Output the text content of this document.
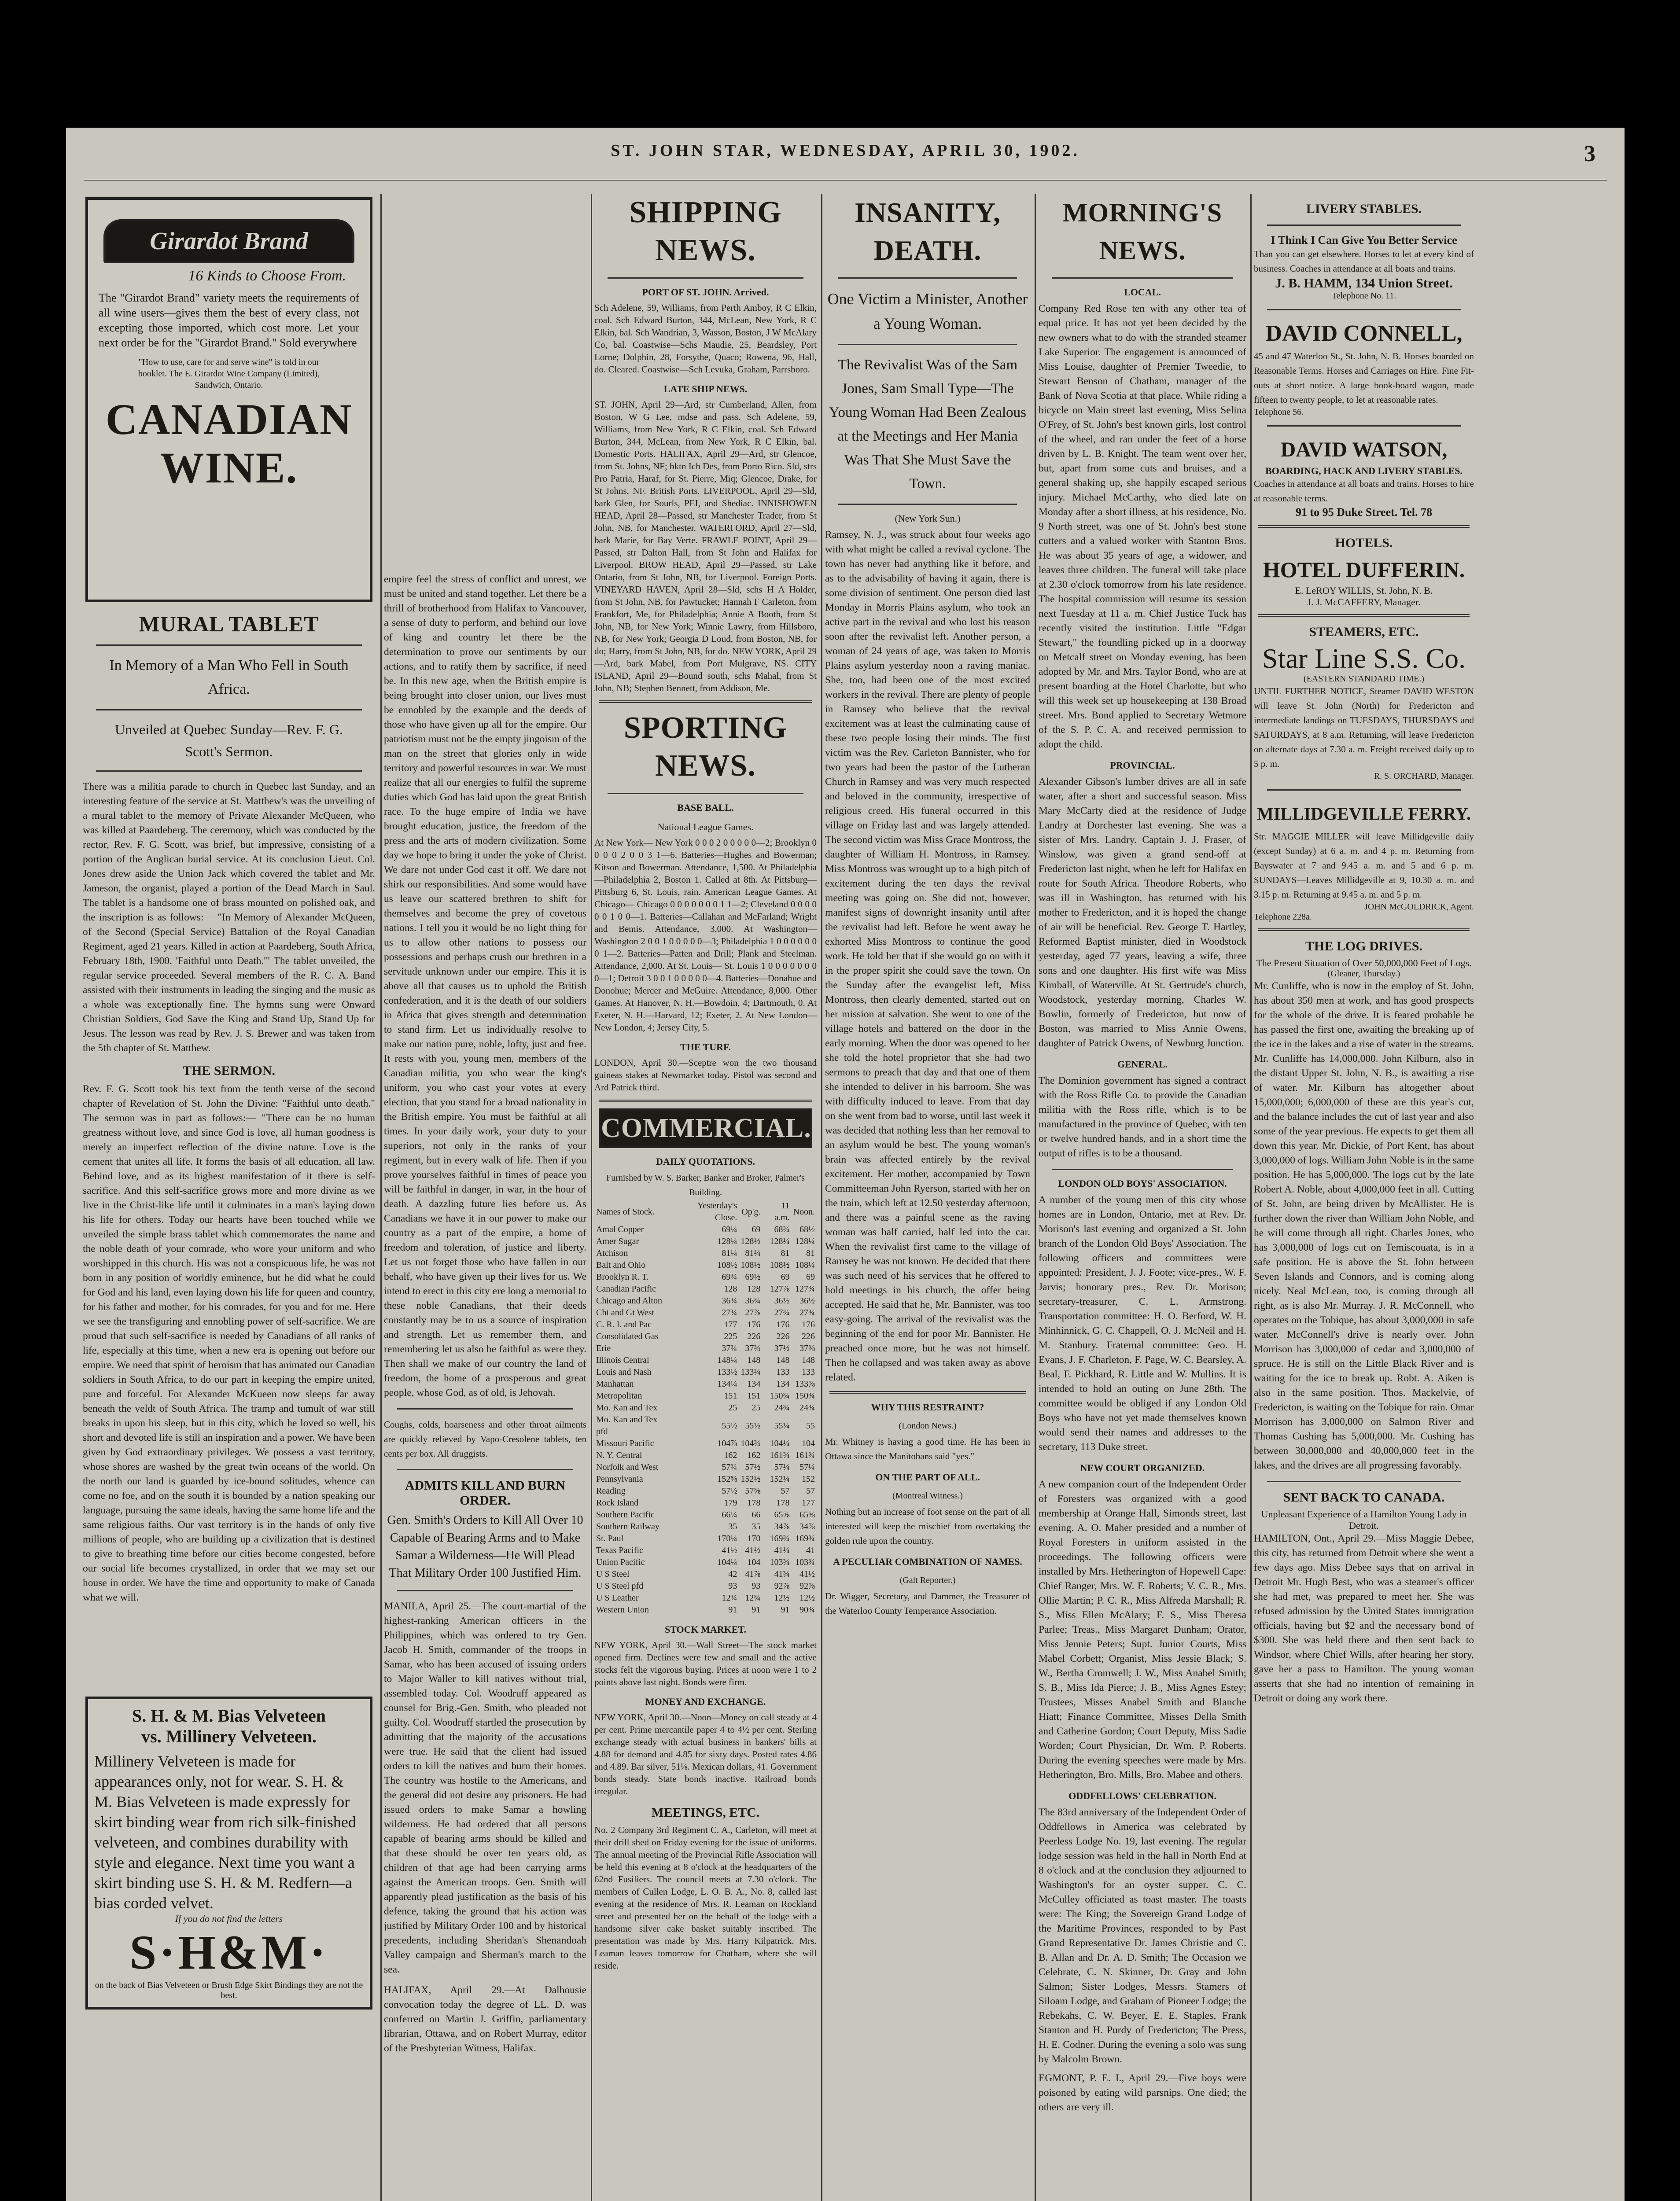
ST. JOHN STAR, WEDNESDAY, APRIL 30, 1902.	3
Girardot Brand
16 Kinds to Choose From.
The "Girardot Brand" variety meets the requirements of all wine users—gives them the best of every class, not excepting those imported, which cost more. Let your next order be for the "Girardot Brand." Sold everywhere
"How to use, care for and serve wine" is told in our booklet. The E. Girardot Wine Company (Limited), Sandwich, Ontario.
CANADIAN WINE.
MURAL TABLET
In Memory of a Man Who Fell in South Africa.
Unveiled at Quebec Sunday—Rev. F. G. Scott's Sermon.
There was a militia parade to church in Quebec last Sunday, and an interesting feature of the service at St. Matthew's was the unveiling of a mural tablet to the memory of Private Alexander McQueen, who was killed at Paardeberg. The ceremony, which was conducted by the rector, Rev. F. G. Scott, was brief, but impressive, consisting of a portion of the Anglican burial service. At its conclusion Lieut. Col. Jones drew aside the Union Jack which covered the tablet and Mr. Jameson, the organist, played a portion of the Dead March in Saul. The tablet is a handsome one of brass mounted on polished oak, and the inscription is as follows:— "In Memory of Alexander McQueen, of the Second (Special Service) Battalion of the Royal Canadian Regiment, aged 21 years. Killed in action at Paardeberg, South Africa, February 18th, 1900. 'Faithful unto Death.'" The tablet unveiled, the regular service proceeded. Several members of the R. C. A. Band assisted with their instruments in leading the singing and the music as a whole was exceptionally fine. The hymns sung were Onward Christian Soldiers, God Save the King and Stand Up, Stand Up for Jesus. The lesson was read by Rev. J. S. Brewer and was taken from the 5th chapter of St. Matthew.
THE SERMON.
Rev. F. G. Scott took his text from the tenth verse of the second chapter of Revelation of St. John the Divine: "Faithful unto death." The sermon was in part as follows:— "There can be no human greatness without love, and since God is love, all human goodness is merely an imperfect reflection of the divine nature. Love is the cement that unites all life. It forms the basis of all education, all law. Behind love, and as its highest manifestation of it there is self-sacrifice. And this self-sacrifice grows more and more divine as we live in the Christ-like life until it culminates in a man's laying down his life for others. Today our hearts have been touched while we unveiled the simple brass tablet which commemorates the name and the noble death of your comrade, who wore your uniform and who worshipped in this church. His was not a conspicuous life, he was not born in any position of worldly eminence, but he did what he could for God and his land, even laying down his life for queen and country, for his father and mother, for his comrades, for you and for me. Here we see the transfiguring and ennobling power of self-sacrifice. We are proud that such self-sacrifice is needed by Canadians of all ranks of life, especially at this time, when a new era is opening out before our empire. We need that spirit of heroism that has animated our Canadian soldiers in South Africa, to do our part in keeping the empire united, pure and forceful. For Alexander McKueen now sleeps far away beneath the veldt of South Africa. The tramp and tumult of war still breaks in upon his sleep, but in this city, which he loved so well, his short and devoted life is still an inspiration and a power. We have been given by God extraordinary privileges. We possess a vast territory, whose shores are washed by the great twin oceans of the world. On the north our land is guarded by ice-bound solitudes, whence can come no foe, and on the south it is bounded by a nation speaking our language, pursuing the same ideals, having the same home life and the same religious faiths. Our vast territory is in the hands of only five millions of people, who are building up a civilization that is destined to give to breathing time before our cities become congested, before our social life becomes crystallized, in order that we may set our house in order. We have the time and opportunity to make of Canada what we will.
S. H. & M. Bias Velveteen
vs. Millinery Velveteen.
Millinery Velveteen is made for appearances only, not for wear. S. H. & M. Bias Velveteen is made expressly for skirt binding wear from rich silk-finished velveteen, and combines durability with style and elegance. Next time you want a skirt binding use S. H. & M. Redfern—a bias corded velvet.
If you do not find the letters
S·H&M·
on the back of Bias Velveteen or Brush Edge Skirt Bindings they are not the best.
empire feel the stress of conflict and unrest, we must be united and stand together. Let there be a thrill of brotherhood from Halifax to Vancouver, a sense of duty to perform, and behind our love of king and country let there be the determination to prove our sentiments by our actions, and to ratify them by sacrifice, if need be. In this new age, when the British empire is being brought into closer union, our lives must be ennobled by the example and the deeds of those who have given up all for the empire. Our patriotism must not be the empty jingoism of the man on the street that glories only in wide territory and powerful resources in war. We must realize that all our energies to fulfil the supreme duties which God has laid upon the great British race. To the huge empire of India we have brought education, justice, the freedom of the press and the arts of modern civilization. Some day we hope to bring it under the yoke of Christ. We dare not under God cast it off. We dare not shirk our responsibilities. And some would have us leave our scattered brethren to shift for themselves and become the prey of covetous nations. I tell you it would be no light thing for us to allow other nations to possess our possessions and perhaps crush our brethren in a servitude unknown under our empire. This it is above all that causes us to uphold the British confederation, and it is the death of our soldiers in Africa that gives strength and determination to stand firm. Let us individually resolve to make our nation pure, noble, lofty, just and free. It rests with you, young men, members of the Canadian militia, you who wear the king's uniform, you who cast your votes at every election, that you stand for a broad nationality in the British empire. You must be faithful at all times. In your daily work, your duty to your superiors, not only in the ranks of your regiment, but in every walk of life. Then if you prove yourselves faithful in times of peace you will be faithful in danger, in war, in the hour of death. A dazzling future lies before us. As Canadians we have it in our power to make our country as a part of the empire, a home of freedom and toleration, of justice and liberty. Let us not forget those who have fallen in our behalf, who have given up their lives for us. We intend to erect in this city ere long a memorial to these noble Canadians, that their deeds constantly may be to us a source of inspiration and strength. Let us remember them, and remembering let us also be faithful as were they. Then shall we make of our country the land of freedom, the home of a prosperous and great people, whose God, as of old, is Jehovah.
Coughs, colds, hoarseness and other throat ailments are quickly relieved by Vapo-Cresolene tablets, ten cents per box. All druggists.
ADMITS KILL AND BURN ORDER.
Gen. Smith's Orders to Kill All Over 10 Capable of Bearing Arms and to Make Samar a Wilderness—He Will Plead That Military Order 100 Justified Him.
MANILA, April 25.—The court-martial of the highest-ranking American officers in the Philippines, which was ordered to try Gen. Jacob H. Smith, commander of the troops in Samar, who has been accused of issuing orders to Major Waller to kill natives without trial, assembled today. Col. Woodruff appeared as counsel for Brig.-Gen. Smith, who pleaded not guilty. Col. Woodruff startled the prosecution by admitting that the majority of the accusations were true. He said that the client had issued orders to kill the natives and burn their homes. The country was hostile to the Americans, and the general did not desire any prisoners. He had issued orders to make Samar a howling wilderness. He had ordered that all persons capable of bearing arms should be killed and that these should be over ten years old, as children of that age had been carrying arms against the American troops. Gen. Smith will apparently plead justification as the basis of his defence, taking the ground that his action was justified by Military Order 100 and by historical precedents, including Sheridan's Shenandoah Valley campaign and Sherman's march to the sea.
HALIFAX, April 29.—At Dalhousie convocation today the degree of LL. D. was conferred on Martin J. Griffin, parliamentary librarian, Ottawa, and on Robert Murray, editor of the Presbyterian Witness, Halifax.
SHIPPING NEWS.
PORT OF ST. JOHN. Arrived.
Sch Adelene, 59, Williams, from Perth Amboy, R C Elkin, coal. Sch Edward Burton, 344, McLean, New York, R C Elkin, bal. Sch Wandrian, 3, Wasson, Boston, J W McAlary Co, bal. Coastwise—Schs Maudie, 25, Beardsley, Port Lorne; Dolphin, 28, Forsythe, Quaco; Rowena, 96, Hall, do. Cleared. Coastwise—Sch Levuka, Graham, Parrsboro.
LATE SHIP NEWS.
ST. JOHN, April 29—Ard, str Cumberland, Allen, from Boston, W G Lee, mdse and pass. Sch Adelene, 59, Williams, from New York, R C Elkin, coal. Sch Edward Burton, 344, McLean, from New York, R C Elkin, bal. Domestic Ports. HALIFAX, April 29—Ard, str Glencoe, from St. Johns, NF; bktn Ich Des, from Porto Rico. Sld, strs Pro Patria, Haraf, for St. Pierre, Miq; Glencoe, Drake, for St Johns, NF. British Ports. LIVERPOOL, April 29—Sld, bark Glen, for Sourls, PEI, and Shediac. INNISHOWEN HEAD, April 28—Passed, str Manchester Trader, from St John, NB, for Manchester. WATERFORD, April 27—Sld, bark Marie, for Bay Verte. FRAWLE POINT, April 29—Passed, str Dalton Hall, from St John and Halifax for Liverpool. BROW HEAD, April 29—Passed, str Lake Ontario, from St John, NB, for Liverpool. Foreign Ports. VINEYARD HAVEN, April 28—Sld, schs H A Holder, from St John, NB, for Pawtucket; Hannah F Carleton, from Frankfort, Me, for Philadelphia; Annie A Booth, from St John, NB, for New York; Winnie Lawry, from Hillsboro, NB, for New York; Georgia D Loud, from Boston, NB, for do; Harry, from St John, NB, for do. NEW YORK, April 29—Ard, bark Mabel, from Port Mulgrave, NS. CITY ISLAND, April 29—Bound south, schs Mahal, from St John, NB; Stephen Bennett, from Addison, Me.
SPORTING NEWS.
BASE BALL.
National League Games.
At New York— New York 0 0 0 2 0 0 0 0 0—2; Brooklyn 0 0 0 0 2 0 0 3 1—6. Batteries—Hughes and Bowerman; Kitson and Bowerman. Attendance, 1,500. At Philadelphia—Philadelphia 2, Boston 1. Called at 8th. At Pittsburg—Pittsburg 6, St. Louis, rain. American League Games. At Chicago— Chicago 0 0 0 0 0 0 0 1 1—2; Cleveland 0 0 0 0 0 0 1 0 0—1. Batteries—Callahan and McFarland; Wright and Bemis. Attendance, 3,000. At Washington— Washington 2 0 0 1 0 0 0 0 0—3; Philadelphia 1 0 0 0 0 0 0 0 1—2. Batteries—Patten and Drill; Plank and Steelman. Attendance, 2,000. At St. Louis— St. Louis 1 0 0 0 0 0 0 0 0—1; Detroit 3 0 0 1 0 0 0 0 0—4. Batteries—Donahue and Donohue; Mercer and McGuire. Attendance, 8,000. Other Games. At Hanover, N. H.—Bowdoin, 4; Dartmouth, 0. At Exeter, N. H.—Harvard, 12; Exeter, 2. At New London—New London, 4; Jersey City, 5.
THE TURF.
LONDON, April 30.—Sceptre won the two thousand guineas stakes at Newmarket today. Pistol was second and Ard Patrick third.
COMMERCIAL.
DAILY QUOTATIONS.
Furnished by W. S. Barker, Banker and Broker, Palmer's Building.
Names of Stock.	Yesterday's Close.	Op'g.	11 a.m.	Noon.
Amal Copper	69¼	69	68¾	68½
Amer Sugar	128¼	128½	128¼	128¼
Atchison	81¼	81¼	81	81
Balt and Ohio	108½	108½	108½	108¼
Brooklyn R. T.	69¾	69½	69	69
Canadian Pacific	128	128	127⅞	127¾
Chicago and Alton	36¾	36¾	36½	36½
Chi and Gt West	27¾	27⅞	27¾	27¾
C. R. I. and Pac	177	176	176	176
Consolidated Gas	225	226	226	226
Erie	37¾	37¾	37½	37⅜
Illinois Central	148¼	148	148	148
Louis and Nash	133½	133¼	133	133
Manhattan	134¼	134	134	133⅞
Metropolitan	151	151	150¾	150¾
Mo. Kan and Tex	25	25	24¾	24¾
Mo. Kan and Tex pfd	55½	55½	55¼	55
Missouri Pacific	104⅞	104¾	104¼	104
N. Y. Central	162	162	161¾	161¾
Norfolk and West	57¾	57½	57¼	57¼
Pennsylvania	152⅝	152½	152¼	152
Reading	57½	57⅜	57	57
Rock Island	179	178	178	177
Southern Pacific	66¼	66	65⅝	65⅝
Southern Railway	35	35	34⅞	34⅞
St. Paul	170¼	170	169¾	169¾
Texas Pacific	41½	41½	41¼	41
Union Pacific	104¼	104	103¾	103¾
U S Steel	42	41⅞	41¾	41½
U S Steel pfd	93	93	92⅞	92⅞
U S Leather	12¾	12¾	12½	12½
Western Union	91	91	91	90¾
STOCK MARKET.
NEW YORK, April 30.—Wall Street—The stock market opened firm. Declines were few and small and the active stocks felt the vigorous buying. Prices at noon were 1 to 2 points above last night. Bonds were firm.
MONEY AND EXCHANGE.
NEW YORK, April 30.—Noon—Money on call steady at 4 per cent. Prime mercantile paper 4 to 4½ per cent. Sterling exchange steady with actual business in bankers' bills at 4.88 for demand and 4.85 for sixty days. Posted rates 4.86 and 4.89. Bar silver, 51⅛. Mexican dollars, 41. Government bonds steady. State bonds inactive. Railroad bonds irregular.
MEETINGS, ETC.
No. 2 Company 3rd Regiment C. A., Carleton, will meet at their drill shed on Friday evening for the issue of uniforms. The annual meeting of the Provincial Rifle Association will be held this evening at 8 o'clock at the headquarters of the 62nd Fusiliers. The council meets at 7.30 o'clock. The members of Cullen Lodge, L. O. B. A., No. 8, called last evening at the residence of Mrs. R. Leaman on Rockland street and presented her on the behalf of the lodge with a handsome silver cake basket suitably inscribed. The presentation was made by Mrs. Harry Kilpatrick. Mrs. Leaman leaves tomorrow for Chatham, where she will reside.
INSANITY, DEATH.
One Victim a Minister, Another a Young Woman.
The Revivalist Was of the Sam Jones, Sam Small Type—The Young Woman Had Been Zealous at the Meetings and Her Mania Was That She Must Save the Town.
(New York Sun.)
Ramsey, N. J., was struck about four weeks ago with what might be called a revival cyclone. The town has never had anything like it before, and as to the advisability of having it again, there is some division of sentiment. One person died last Monday in Morris Plains asylum, who took an active part in the revival and who lost his reason soon after the revivalist left. Another person, a woman of 24 years of age, was taken to Morris Plains asylum yesterday noon a raving maniac. She, too, had been one of the most excited workers in the revival. There are plenty of people in Ramsey who believe that the revival excitement was at least the culminating cause of these two people losing their minds. The first victim was the Rev. Carleton Bannister, who for two years had been the pastor of the Lutheran Church in Ramsey and was very much respected and beloved in the community, irrespective of religious creed. His funeral occurred in this village on Friday last and was largely attended. The second victim was Miss Grace Montross, the daughter of William H. Montross, in Ramsey. Miss Montross was wrought up to a high pitch of excitement during the ten days the revival meeting was going on. She did not, however, manifest signs of downright insanity until after the revivalist had left. Before he went away he exhorted Miss Montross to continue the good work. He told her that if she would go on with it in the proper spirit she could save the town. On the Sunday after the evangelist left, Miss Montross, then clearly demented, started out on her mission at salvation. She went to one of the village hotels and battered on the door in the early morning. When the door was opened to her she told the hotel proprietor that she had two sermons to preach that day and that one of them she intended to deliver in his barroom. She was with difficulty induced to leave. From that day on she went from bad to worse, until last week it was decided that nothing less than her removal to an asylum would be best. The young woman's brain was affected entirely by the revival excitement. Her mother, accompanied by Town Committeeman John Ryerson, started with her on the train, which left at 12.50 yesterday afternoon, and there was a painful scene as the raving woman was half carried, half led into the car. When the revivalist first came to the village of Ramsey he was not known. He decided that there was such need of his services that he offered to hold meetings in his church, the offer being accepted. He said that he, Mr. Bannister, was too easy-going. The arrival of the revivalist was the beginning of the end for poor Mr. Bannister. He preached once more, but he was not himself. Then he collapsed and was taken away as above related.
WHY THIS RESTRAINT?
(London News.)
Mr. Whitney is having a good time. He has been in Ottawa since the Manitobans said "yes."
ON THE PART OF ALL.
(Montreal Witness.)
Nothing but an increase of foot sense on the part of all interested will keep the mischief from overtaking the golden rule upon the country.
A PECULIAR COMBINATION OF NAMES.
(Galt Reporter.)
Dr. Wigger, Secretary, and Dammer, the Treasurer of the Waterloo County Temperance Association.
MORNING'S NEWS.
LOCAL.
Company Red Rose ten with any other tea of equal price. It has not yet been decided by the new owners what to do with the stranded steamer Lake Superior. The engagement is announced of Miss Louise, daughter of Premier Tweedie, to Stewart Benson of Chatham, manager of the Bank of Nova Scotia at that place. While riding a bicycle on Main street last evening, Miss Selina O'Frey, of St. John's best known girls, lost control of the wheel, and ran under the feet of a horse driven by L. B. Knight. The team went over her, but, apart from some cuts and bruises, and a general shaking up, she happily escaped serious injury. Michael McCarthy, who died late on Monday after a short illness, at his residence, No. 9 North street, was one of St. John's best stone cutters and a valued worker with Stanton Bros. He was about 35 years of age, a widower, and leaves three children. The funeral will take place at 2.30 o'clock tomorrow from his late residence. The hospital commission will resume its session next Tuesday at 11 a. m. Chief Justice Tuck has recently visited the institution. Little "Edgar Stewart," the foundling picked up in a doorway on Metcalf street on Monday evening, has been adopted by Mr. and Mrs. Taylor Bond, who are at present boarding at the Hotel Charlotte, but who will this week set up housekeeping at 138 Broad street. Mrs. Bond applied to Secretary Wetmore of the S. P. C. A. and received permission to adopt the child.
PROVINCIAL.
Alexander Gibson's lumber drives are all in safe water, after a short and successful season. Miss Mary McCarty died at the residence of Judge Landry at Dorchester last evening. She was a sister of Mrs. Landry. Captain J. J. Fraser, of Winslow, was given a grand send-off at Fredericton last night, when he left for Halifax en route for South Africa. Theodore Roberts, who was ill in Washington, has returned with his mother to Fredericton, and it is hoped the change of air will be beneficial. Rev. George T. Hartley, Reformed Baptist minister, died in Woodstock yesterday, aged 77 years, leaving a wife, three sons and one daughter. His first wife was Miss Kimball, of Waterville. At St. Gertrude's church, Woodstock, yesterday morning, Charles W. Bowlin, formerly of Fredericton, but now of Boston, was married to Miss Annie Owens, daughter of Patrick Owens, of Newburg Junction.
GENERAL.
The Dominion government has signed a contract with the Ross Rifle Co. to provide the Canadian militia with the Ross rifle, which is to be manufactured in the province of Quebec, with ten or twelve hundred hands, and in a short time the output of rifles is to be a thousand.
LONDON OLD BOYS' ASSOCIATION.
A number of the young men of this city whose homes are in London, Ontario, met at Rev. Dr. Morison's last evening and organized a St. John branch of the London Old Boys' Association. The following officers and committees were appointed: President, J. J. Foote; vice-pres., W. F. Jarvis; honorary pres., Rev. Dr. Morison; secretary-treasurer, C. L. Armstrong. Transportation committee: H. O. Berford, W. H. Minhinnick, G. C. Chappell, O. J. McNeil and H. M. Stanbury. Fraternal committee: Geo. H. Evans, J. F. Charleton, F. Page, W. C. Bearsley, A. Beal, F. Pickhard, R. Little and W. Mullins. It is intended to hold an outing on June 28th. The committee would be obliged if any London Old Boys who have not yet made themselves known would send their names and addresses to the secretary, 113 Duke street.
NEW COURT ORGANIZED.
A new companion court of the Independent Order of Foresters was organized with a good membership at Orange Hall, Simonds street, last evening. A. O. Maher presided and a number of Royal Foresters in uniform assisted in the proceedings. The following officers were installed by Mrs. Hetherington of Hopewell Cape: Chief Ranger, Mrs. W. F. Roberts; V. C. R., Mrs. Ollie Martin; P. C. R., Miss Alfreda Marshall; R. S., Miss Ellen McAlary; F. S., Miss Theresa Parlee; Treas., Miss Margaret Dunham; Orator, Miss Jennie Peters; Supt. Junior Courts, Miss Mabel Corbett; Organist, Miss Jessie Black; S. W., Bertha Cromwell; J. W., Miss Anabel Smith; S. B., Miss Ida Pierce; J. B., Miss Agnes Estey; Trustees, Misses Anabel Smith and Blanche Hiatt; Finance Committee, Misses Della Smith and Catherine Gordon; Court Deputy, Miss Sadie Worden; Court Physician, Dr. Wm. P. Roberts. During the evening speeches were made by Mrs. Hetherington, Bro. Mills, Bro. Mabee and others.
ODDFELLOWS' CELEBRATION.
The 83rd anniversary of the Independent Order of Oddfellows in America was celebrated by Peerless Lodge No. 19, last evening. The regular lodge session was held in the hall in North End at 8 o'clock and at the conclusion they adjourned to Washington's for an oyster supper. C. C. McCulley officiated as toast master. The toasts were: The King; the Sovereign Grand Lodge of the Maritime Provinces, responded to by Past Grand Representative Dr. James Christie and C. B. Allan and Dr. A. D. Smith; The Occasion we Celebrate, C. N. Skinner, Dr. Gray and John Salmon; Sister Lodges, Messrs. Stamers of Siloam Lodge, and Graham of Pioneer Lodge; the Rebekahs, C. W. Beyer, E. E. Staples, Frank Stanton and H. Purdy of Fredericton; The Press, H. E. Codner. During the evening a solo was sung by Malcolm Brown.
EGMONT, P. E. I., April 29.—Five boys were poisoned by eating wild parsnips. One died; the others are very ill.
LIVERY STABLES.
I Think I Can Give You Better Service
Than you can get elsewhere. Horses to let at every kind of business. Coaches in attendance at all boats and trains.
J. B. HAMM, 134 Union Street.
Telephone No. 11.
DAVID CONNELL,
45 and 47 Waterloo St., St. John, N. B. Horses boarded on Reasonable Terms. Horses and Carriages on Hire. Fine Fit-outs at short notice. A large book-board wagon, made fifteen to twenty people, to let at reasonable rates.
Telephone 56.
DAVID WATSON,
BOARDING, HACK AND LIVERY STABLES.
Coaches in attendance at all boats and trains. Horses to hire at reasonable terms.
91 to 95 Duke Street. Tel. 78
HOTELS.
HOTEL DUFFERIN.
E. LeROY WILLIS, St. John, N. B.
J. J. McCAFFERY, Manager.
STEAMERS, ETC.
Star Line S.S. Co.
(EASTERN STANDARD TIME.)
UNTIL FURTHER NOTICE, Steamer DAVID WESTON will leave St. John (North) for Fredericton and intermediate landings on TUESDAYS, THURSDAYS and SATURDAYS, at 8 a.m. Returning, will leave Fredericton on alternate days at 7.30 a. m. Freight received daily up to 5 p. m.
R. S. ORCHARD, Manager.
MILLIDGEVILLE FERRY.
Str. MAGGIE MILLER will leave Millidgeville daily (except Sunday) at 6 a. m. and 4 p. m. Returning from Bayswater at 7 and 9.45 a. m. and 5 and 6 p. m. SUNDAYS—Leaves Millidgeville at 9, 10.30 a. m. and 3.15 p. m. Returning at 9.45 a. m. and 5 p. m.
JOHN McGOLDRICK, Agent.
Telephone 228a.
THE LOG DRIVES.
The Present Situation of Over 50,000,000 Feet of Logs.
(Gleaner, Thursday.)
Mr. Cunliffe, who is now in the employ of St. John, has about 350 men at work, and has good prospects for the whole of the drive. It is feared probable he has passed the first one, awaiting the breaking up of the ice in the lakes and a rise of water in the streams. Mr. Cunliffe has 14,000,000. John Kilburn, also in the distant Upper St. John, N. B., is awaiting a rise of water. Mr. Kilburn has altogether about 15,000,000; 6,000,000 of these are this year's cut, and the balance includes the cut of last year and also some of the year previous. He expects to get them all down this year. Mr. Dickie, of Port Kent, has about 3,000,000 of logs. William John Noble is in the same position. He has 5,000,000. The logs cut by the late Robert A. Noble, about 4,000,000 feet in all. Cutting of St. John, are being driven by McAllister. He is further down the river than William John Noble, and he will come through all right. Charles Jones, who has 3,000,000 of logs cut on Temiscouata, is in a safe position. He is above the St. John between Seven Islands and Connors, and is coming along nicely. Neal McLean, too, is coming through all right, as is also Mr. Murray. J. R. McConnell, who operates on the Tobique, has about 3,000,000 in safe water. McConnell's drive is nearly over. John Morrison has 3,000,000 of cedar and 3,000,000 of spruce. He is still on the Little Black River and is waiting for the ice to break up. Robt. A. Aiken is also in the same position. Thos. Mackelvie, of Fredericton, is waiting on the Tobique for rain. Omar Morrison has 3,000,000 on Salmon River and Thomas Cushing has 5,000,000. Mr. Cushing has between 30,000,000 and 40,000,000 feet in the lakes, and the drives are all progressing favorably.
SENT BACK TO CANADA.
Unpleasant Experience of a Hamilton Young Lady in Detroit.
HAMILTON, Ont., April 29.—Miss Maggie Debee, this city, has returned from Detroit where she went a few days ago. Miss Debee says that on arrival in Detroit Mr. Hugh Best, who was a steamer's officer she had met, was prepared to meet her. She was refused admission by the United States immigration officials, having but $2 and the necessary bond of $300. She was held there and then sent back to Windsor, where Chief Wills, after hearing her story, gave her a pass to Hamilton. The young woman asserts that she had no intention of remaining in Detroit or doing any work there.
